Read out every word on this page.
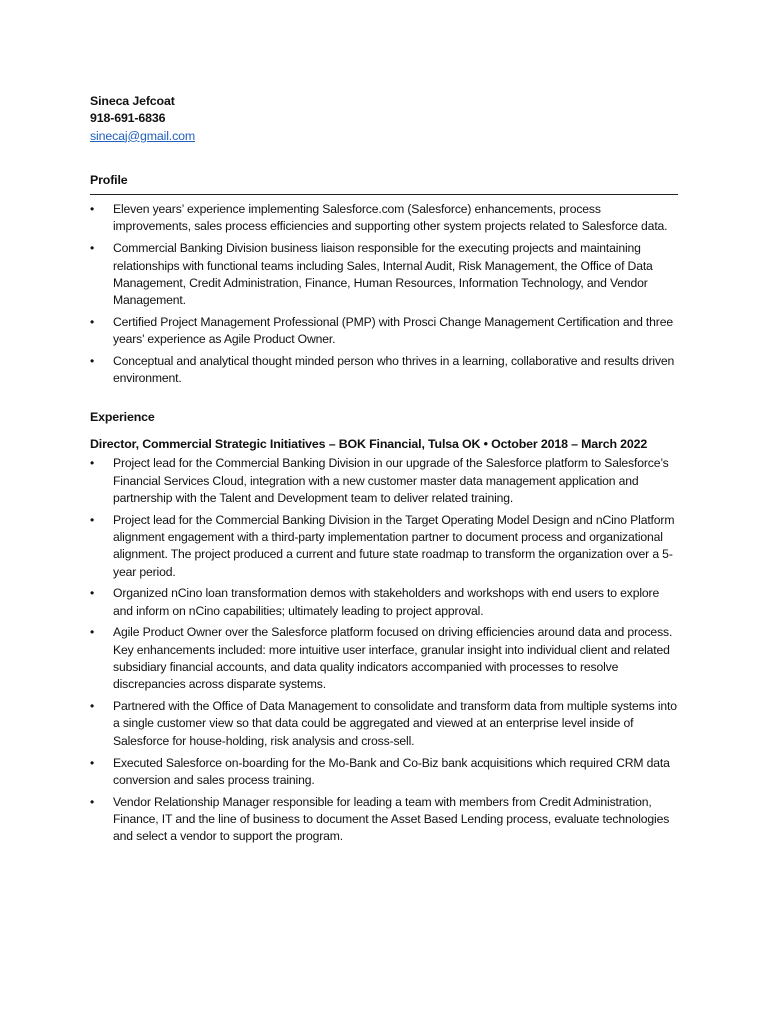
Sineca Jefcoat
918-691-6836
sinecaj@gmail.com
Profile
• Eleven years’ experience implementing Salesforce.com (Salesforce) enhancements, process improvements, sales process efficiencies and supporting other system projects related to Salesforce data.
• Commercial Banking Division business liaison responsible for the executing projects and maintaining relationships with functional teams including Sales, Internal Audit, Risk Management, the Office of Data Management, Credit Administration, Finance, Human Resources, Information Technology, and Vendor Management.
• Certified Project Management Professional (PMP) with Prosci Change Management Certification and three years’ experience as Agile Product Owner.
• Conceptual and analytical thought minded person who thrives in a learning, collaborative and results driven environment.
Experience
Director, Commercial Strategic Initiatives – BOK Financial, Tulsa OK • October 2018 – March 2022
• Project lead for the Commercial Banking Division in our upgrade of the Salesforce platform to Salesforce’s Financial Services Cloud, integration with a new customer master data management application and partnership with the Talent and Development team to deliver related training.
• Project lead for the Commercial Banking Division in the Target Operating Model Design and nCino Platform alignment engagement with a third-party implementation partner to document process and organizational alignment. The project produced a current and future state roadmap to transform the organization over a 5-year period.
• Organized nCino loan transformation demos with stakeholders and workshops with end users to explore and inform on nCino capabilities; ultimately leading to project approval.
• Agile Product Owner over the Salesforce platform focused on driving efficiencies around data and process. Key enhancements included: more intuitive user interface, granular insight into individual client and related subsidiary financial accounts, and data quality indicators accompanied with processes to resolve discrepancies across disparate systems.
• Partnered with the Office of Data Management to consolidate and transform data from multiple systems into a single customer view so that data could be aggregated and viewed at an enterprise level inside of Salesforce for house-holding, risk analysis and cross-sell.
• Executed Salesforce on-boarding for the Mo-Bank and Co-Biz bank acquisitions which required CRM data conversion and sales process training.
• Vendor Relationship Manager responsible for leading a team with members from Credit Administration, Finance, IT and the line of business to document the Asset Based Lending process, evaluate technologies and select a vendor to support the program.
